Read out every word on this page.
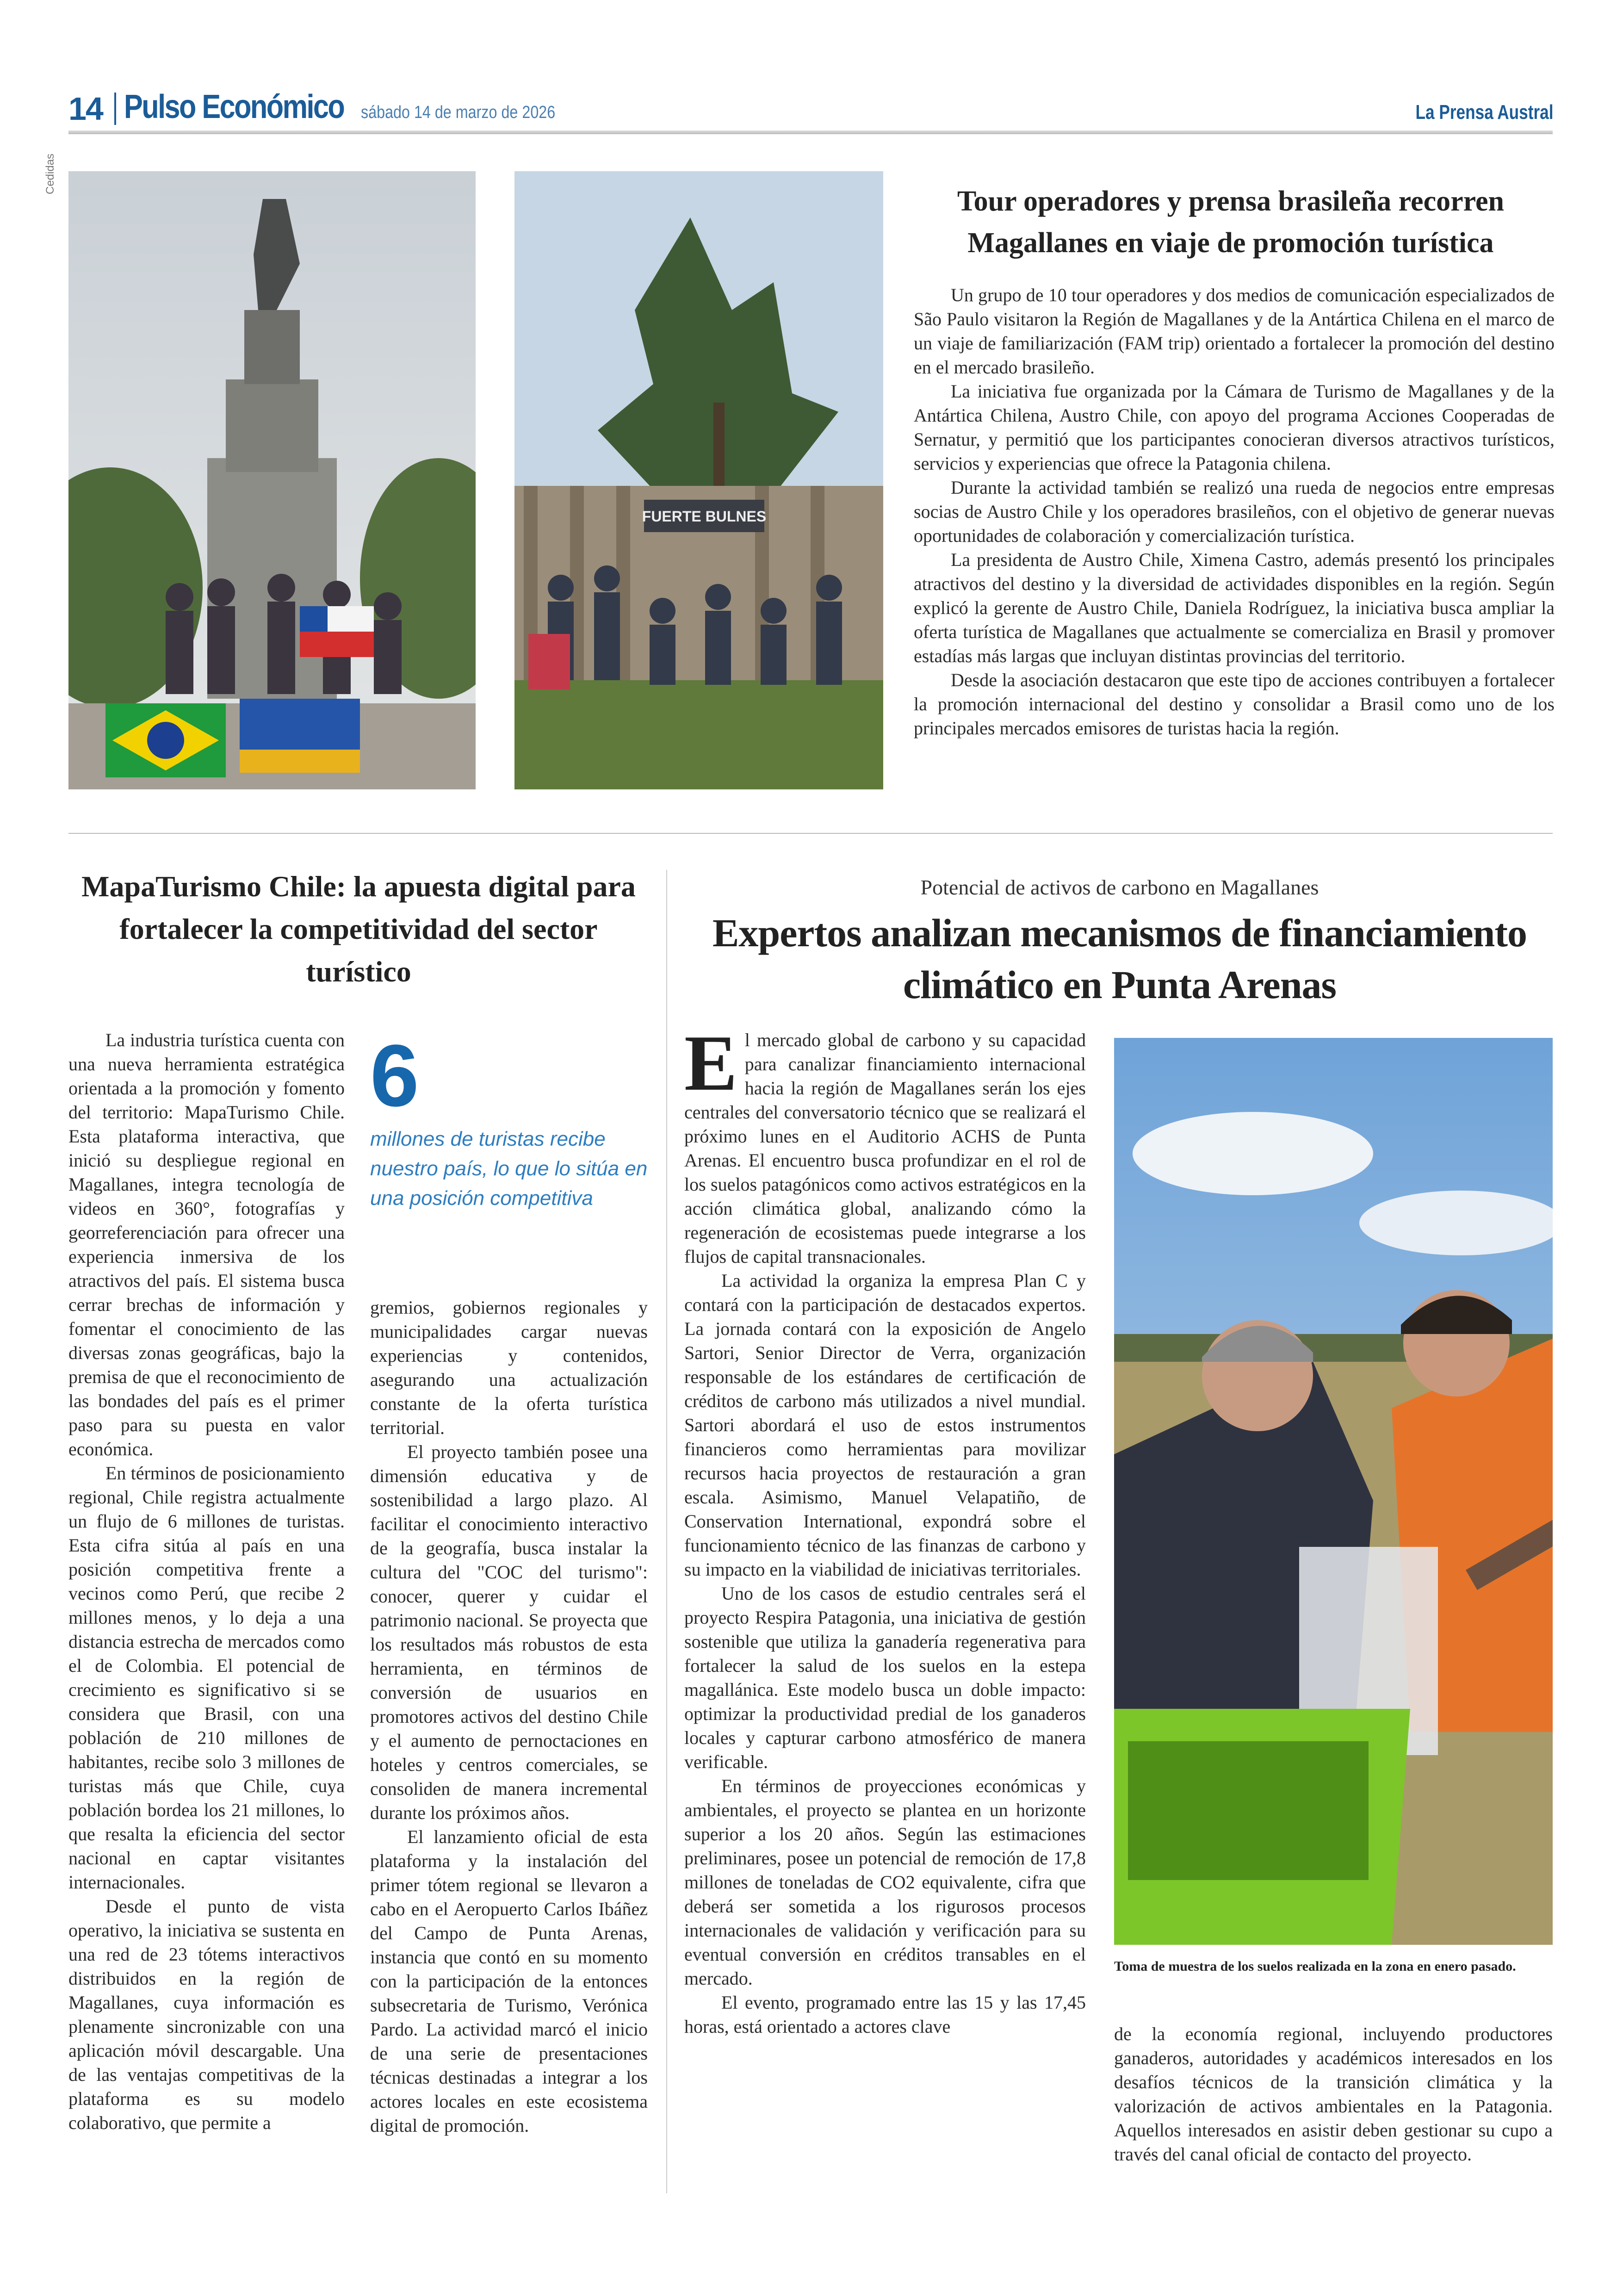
14 Pulso Económico sábado 14 de marzo de 2026	La Prensa Austral
Cedidas
FUERTE BULNES
Tour operadores y prensa brasileña recorren Magallanes en viaje de promoción turística

Un grupo de 10 tour operadores y dos medios de comunicación especializados de São Paulo visitaron la Región de Magallanes y de la Antártica Chilena en el marco de un viaje de familiarización (FAM trip) orientado a fortalecer la promoción del destino en el mercado brasileño.

La iniciativa fue organizada por la Cámara de Turismo de Magallanes y de la Antártica Chilena, Austro Chile, con apoyo del programa Acciones Cooperadas de Sernatur, y permitió que los participantes conocieran diversos atractivos turísticos, servicios y experiencias que ofrece la Patagonia chilena.

Durante la actividad también se realizó una rueda de negocios entre empresas socias de Austro Chile y los operadores brasileños, con el objetivo de generar nuevas oportunidades de colaboración y comercialización turística.

La presidenta de Austro Chile, Ximena Castro, además presentó los principales atractivos del destino y la diversidad de actividades disponibles en la región. Según explicó la gerente de Austro Chile, Daniela Rodríguez, la iniciativa busca ampliar la oferta turística de Magallanes que actualmente se comercializa en Brasil y promover estadías más largas que incluyan distintas provincias del territorio.

Desde la asociación destacaron que este tipo de acciones contribuyen a fortalecer la promoción internacional del destino y consolidar a Brasil como uno de los principales mercados emisores de turistas hacia la región.

MapaTurismo Chile: la apuesta digital para fortalecer la competitividad del sector turístico

La industria turística cuenta con una nueva herramienta estratégica orientada a la promoción y fomento del territorio: MapaTurismo Chile. Esta plataforma interactiva, que inició su despliegue regional en Magallanes, integra tecnología de videos en 360°, fotografías y georreferenciación para ofrecer una experiencia inmersiva de los atractivos del país. El sistema busca cerrar brechas de información y fomentar el conocimiento de las diversas zonas geográficas, bajo la premisa de que el reconocimiento de las bondades del país es el primer paso para su puesta en valor económica.

En términos de posicionamiento regional, Chile registra actualmente un flujo de 6 millones de turistas. Esta cifra sitúa al país en una posición competitiva frente a vecinos como Perú, que recibe 2 millones menos, y lo deja a una distancia estrecha de mercados como el de Colombia. El potencial de crecimiento es significativo si se considera que Brasil, con una población de 210 millones de habitantes, recibe solo 3 millones de turistas más que Chile, cuya población bordea los 21 millones, lo que resalta la eficiencia del sector nacional en captar visitantes internacionales.

Desde el punto de vista operativo, la iniciativa se sustenta en una red de 23 tótems interactivos distribuidos en la región de Magallanes, cuya información es plenamente sincronizable con una aplicación móvil descargable. Una de las ventajas competitivas de la plataforma es su modelo colaborativo, que permite a

6
millones de turistas recibe nuestro país, lo que lo sitúa en una posición competitiva

gremios, gobiernos regionales y municipalidades cargar nuevas experiencias y contenidos, asegurando una actualización constante de la oferta turística territorial.

El proyecto también posee una dimensión educativa y de sostenibilidad a largo plazo. Al facilitar el conocimiento interactivo de la geografía, busca instalar la cultura del "COC del turismo": conocer, querer y cuidar el patrimonio nacional. Se proyecta que los resultados más robustos de esta herramienta, en términos de conversión de usuarios en promotores activos del destino Chile y el aumento de pernoctaciones en hoteles y centros comerciales, se consoliden de manera incremental durante los próximos años.

El lanzamiento oficial de esta plataforma y la instalación del primer tótem regional se llevaron a cabo en el Aeropuerto Carlos Ibáñez del Campo de Punta Arenas, instancia que contó en su momento con la participación de la entonces subsecretaria de Turismo, Verónica Pardo. La actividad marcó el inicio de una serie de presentaciones técnicas destinadas a integrar a los actores locales en este ecosistema digital de promoción.

Potencial de activos de carbono en Magallanes
Expertos analizan mecanismos de financiamiento climático en Punta Arenas

El mercado global de carbono y su capacidad para canalizar financiamiento internacional hacia la región de Magallanes serán los ejes centrales del conversatorio técnico que se realizará el próximo lunes en el Auditorio ACHS de Punta Arenas. El encuentro busca profundizar en el rol de los suelos patagónicos como activos estratégicos en la acción climática global, analizando cómo la regeneración de ecosistemas puede integrarse a los flujos de capital transnacionales.

La actividad la organiza la empresa Plan C y contará con la participación de destacados expertos. La jornada contará con la exposición de Angelo Sartori, Senior Director de Verra, organización responsable de los estándares de certificación de créditos de carbono más utilizados a nivel mundial. Sartori abordará el uso de estos instrumentos financieros como herramientas para movilizar recursos hacia proyectos de restauración a gran escala. Asimismo, Manuel Velapatiño, de Conservation International, expondrá sobre el funcionamiento técnico de las finanzas de carbono y su impacto en la viabilidad de iniciativas territoriales.

Uno de los casos de estudio centrales será el proyecto Respira Patagonia, una iniciativa de gestión sostenible que utiliza la ganadería regenerativa para fortalecer la salud de los suelos en la estepa magallánica. Este modelo busca un doble impacto: optimizar la productividad predial de los ganaderos locales y capturar carbono atmosférico de manera verificable.

En términos de proyecciones económicas y ambientales, el proyecto se plantea en un horizonte superior a los 20 años. Según las estimaciones preliminares, posee un potencial de remoción de 17,8 millones de toneladas de CO2 equivalente, cifra que deberá ser sometida a los rigurosos procesos internacionales de validación y verificación para su eventual conversión en créditos transables en el mercado.

El evento, programado entre las 15 y las 17,45 horas, está orientado a actores clave

Toma de muestra de los suelos realizada en la zona en enero pasado.

de la economía regional, incluyendo productores ganaderos, autoridades y académicos interesados en los desafíos técnicos de la transición climática y la valorización de activos ambientales en la Patagonia. Aquellos interesados en asistir deben gestionar su cupo a través del canal oficial de contacto del proyecto.
